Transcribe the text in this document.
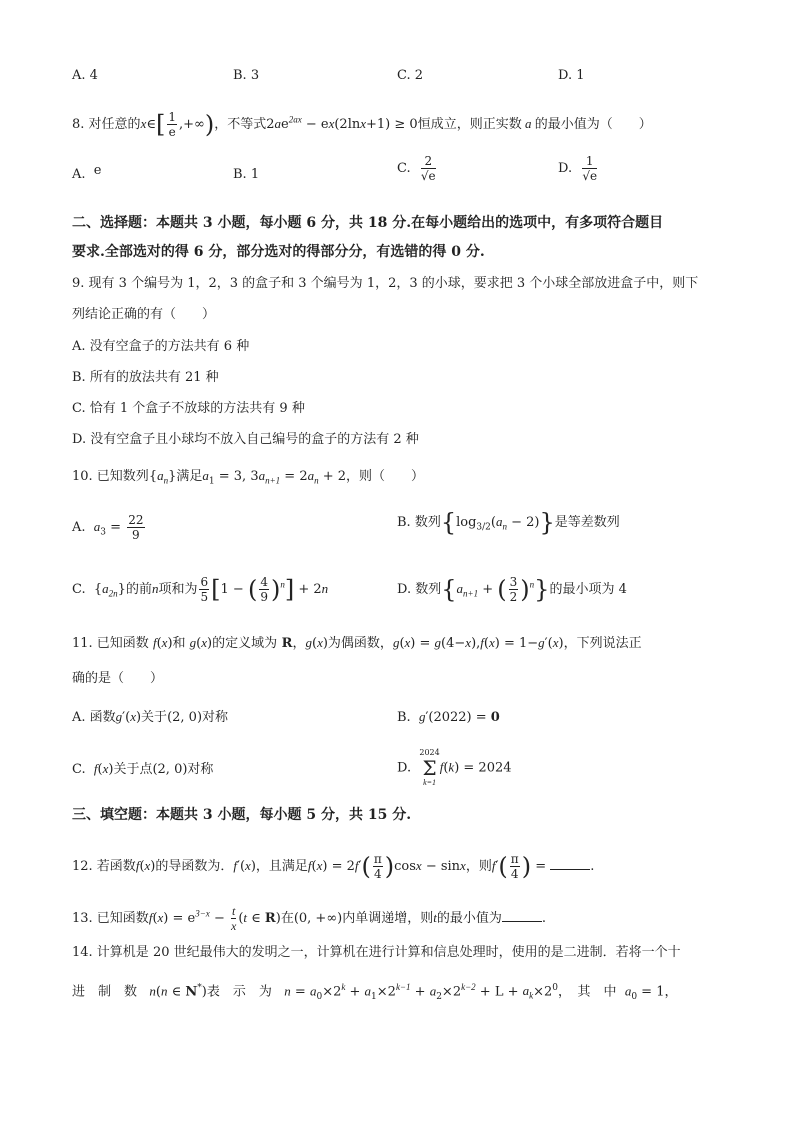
A. 4	B. 3	C. 2	D. 1
8. 对任意的x∈[ $\frac{1}{e}$ ,+∞)，不等式$2ae^{2ax} - ex(2\ln x+1) \ge 0$恒成立，则正实数 a 的最小值为（　　）
A. e	B. 1	C. $\frac{2}{√e}$	D. $\frac{1}{√e}$
二、选择题：本题共 3 小题，每小题 6 分，共 18 分.在每小题给出的选项中，有多项符合题目
要求.全部选对的得 6 分，部分选对的得部分分，有选错的得 0 分.
9. 现有 3 个编号为 1，2，3 的盒子和 3 个编号为 1，2，3 的小球，要求把 3 个小球全部放进盒子中，则下
列结论正确的有（　　）
A. 没有空盒子的方法共有 6 种
B. 所有的放法共有 21 种
C. 恰有 1 个盒子不放球的方法共有 9 种
D. 没有空盒子且小球均不放入自己编号的盒子的方法有 2 种
10. 已知数列$\{a_n\}$满足$a_1 = 3$, $3a_{n+1} = 2a_n + 2$，则（　　）
A. $a_3 = \frac{22}{9}$	B. 数列$\{\log_{3/2}(a_n - 2)\}$是等差数列
C.  $\{a_{2n}\}$的前n项和为 $\frac{6}{5} [1$ − ( $\frac{4}{9} )^n] + 2n$	D. 数列{$a_{n+1}$ + ( $\frac{3}{2} )^n$}的最小项为 4
11. 已知函数 f(x)和 g(x)的定义域为 R，g(x)为偶函数，g(x) = g(4−x),f(x) = 1−g′(x)，下列说法正
确的是（　　）
A. 函数g′(x)关于(2, 0)对称	B. g′(2022) = 0
C. f(x)关于点(2, 0)对称	D.
2024
Σ
k=1
f(k) = 2024
三、填空题：本题共 3 小题，每小题 5 分，共 15 分.
12. 若函数f(x)的导函数为．f′(x)，且满足$f(x) = 2f'( \frac{\pi}{4} )\cos x - \sin x$，则$f'( \frac{\pi}{4}$ ) =	.
13. 已知函数$f(x) = e^{3-x} - \frac{t}{x} (t$ ∈ R)在(0, +∞)内单调递增，则t的最小值为	.
14. 计算机是 20 世纪最伟大的发明之一，计算机在进行计算和信息处理时，使用的是二进制．若将一个十
进　制　数 n(n ∈ N*)表　示　为 $n = a_0\times 2^k + a_1\times 2^{k-1} + a_2\times 2^{k-2} + L + a_k\times 2^0$，　其　中 $a_0 = 1$，
